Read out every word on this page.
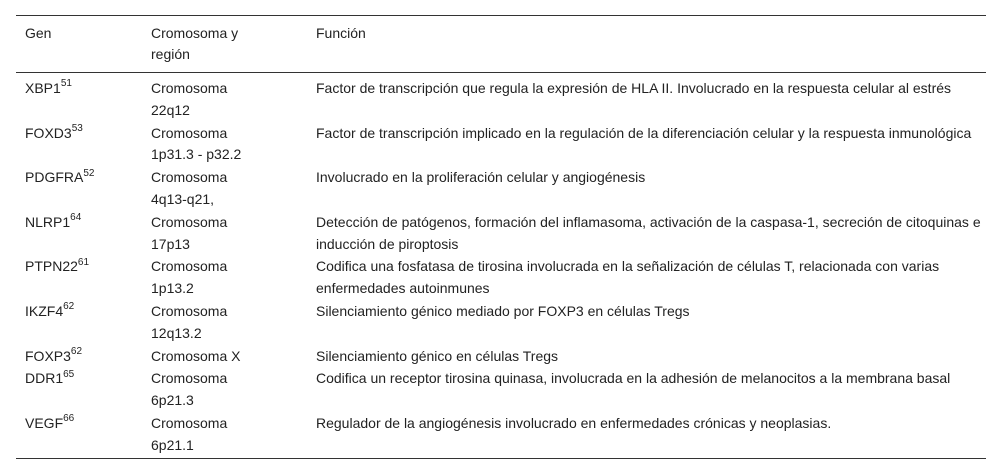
Gen	Cromosoma y región	Función
$XBP1^{51}$	Cromosoma 22q12	Factor de transcripción que regula la expresión de HLA II. Involucrado en la respuesta celular al estrés
$FOXD3^{53}$	Cromosoma 1p31.3 - p32.2	Factor de transcripción implicado en la regulación de la diferenciación celular y la respuesta inmunológica
PDGFRA$^{52}$	Cromosoma 4q13-q21,	Involucrado en la proliferación celular y angiogénesis
$NLRP1^{64}$	Cromosoma 17p13	Detección de patógenos, formación del inflamasoma, activación de la caspasa-1, secreción de citoquinas e inducción de piroptosis
$PTPN22^{61}$	Cromosoma 1p13.2	Codifica una fosfatasa de tirosina involucrada en la señalización de células T, relacionada con varias enfermedades autoinmunes
$IKZF4^{62}$	Cromosoma 12q13.2	Silenciamiento génico mediado por FOXP3 en células Tregs
$FOXP3^{62}$	Cromosoma X	Silenciamiento génico en células Tregs
$DDR1^{65}$	Cromosoma 6p21.3	Codifica un receptor tirosina quinasa, involucrada en la adhesión de melanocitos a la membrana basal
VEGF$^{66}$	Cromosoma 6p21.1	Regulador de la angiogénesis involucrado en enfermedades crónicas y neoplasias.
